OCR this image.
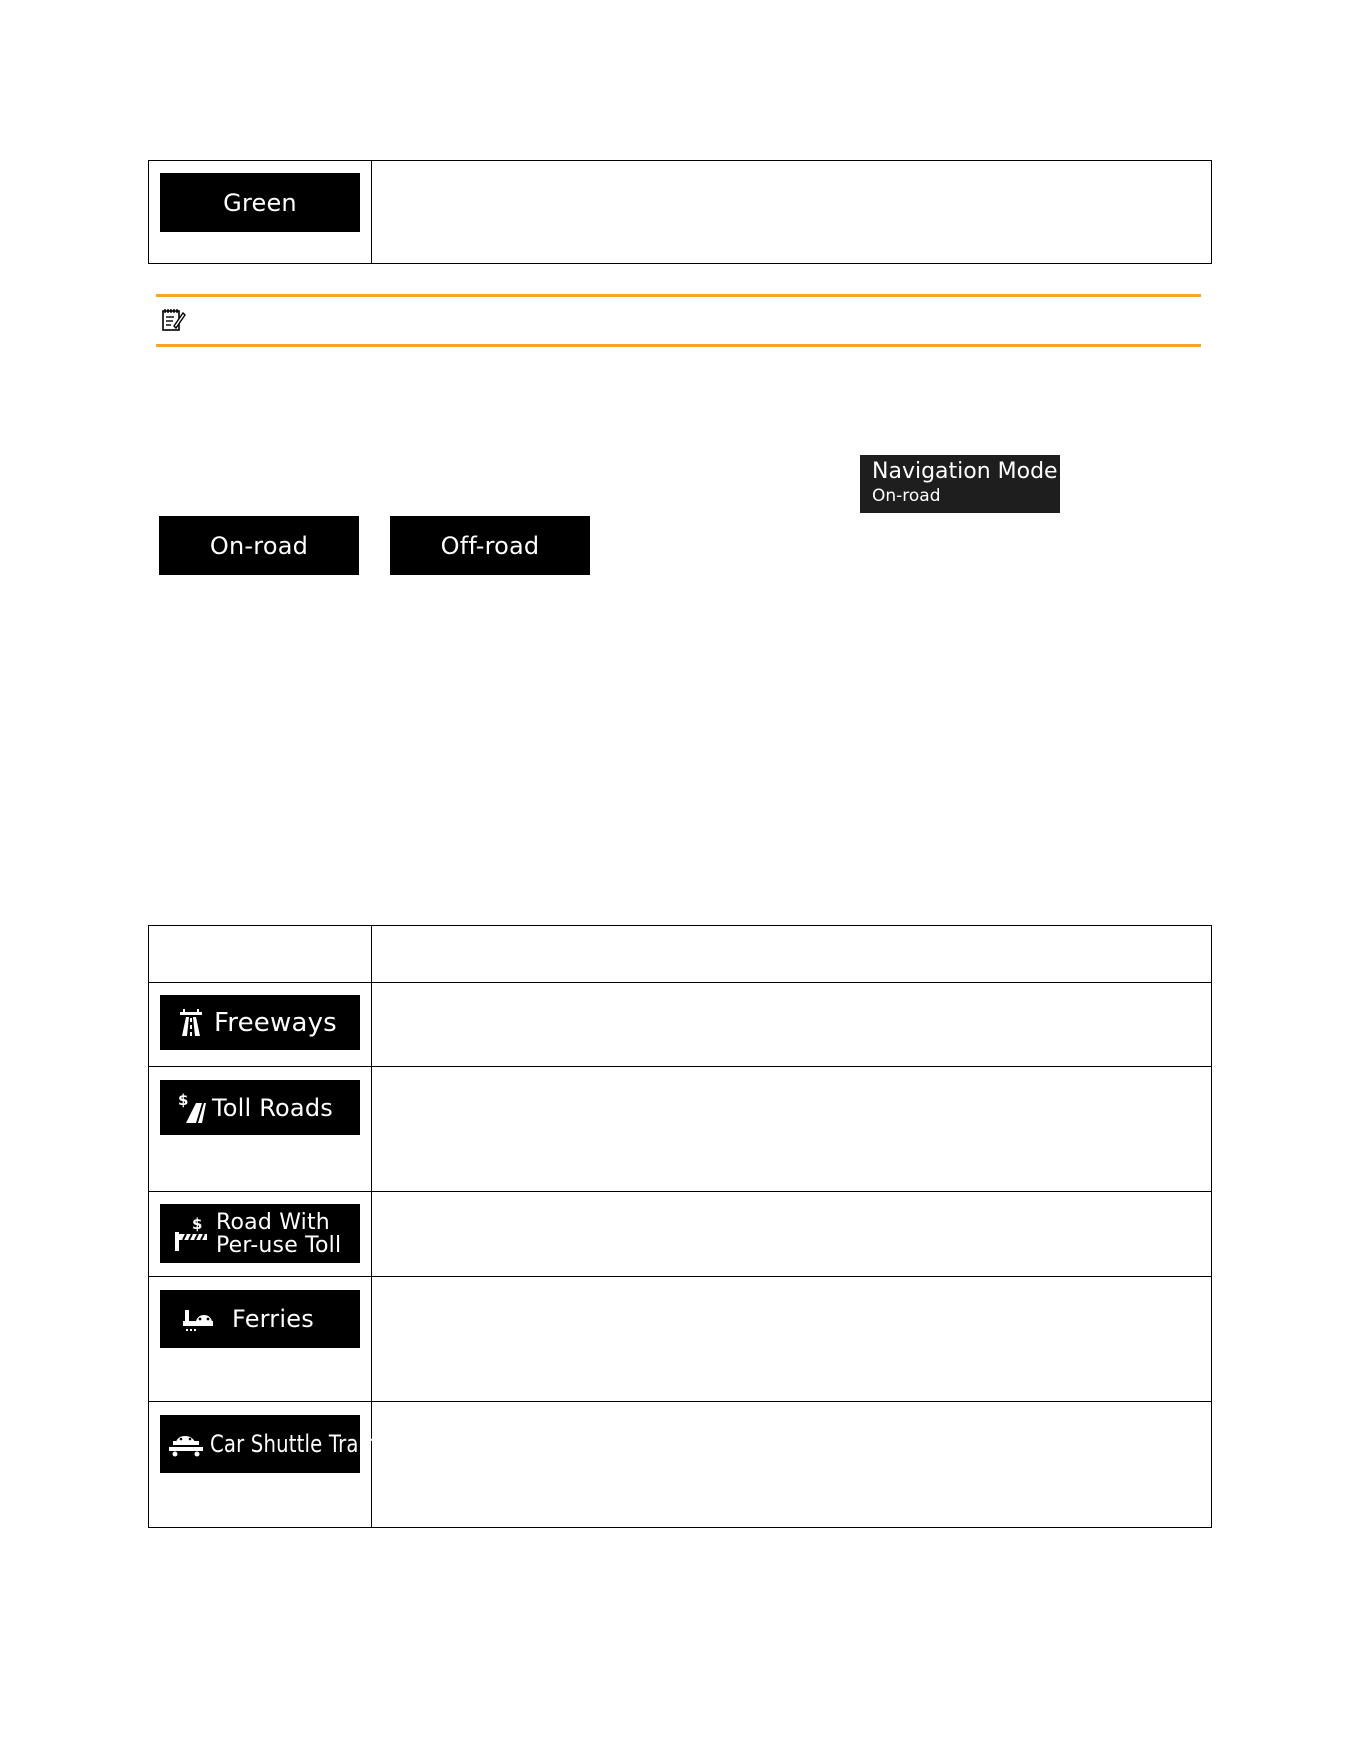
Green
Navigation Mode
On-road
On-road	Off-road
Freeways
$ Toll Roads
$ Road With
Per-use Toll
Ferries
Car Shuttle Trains
